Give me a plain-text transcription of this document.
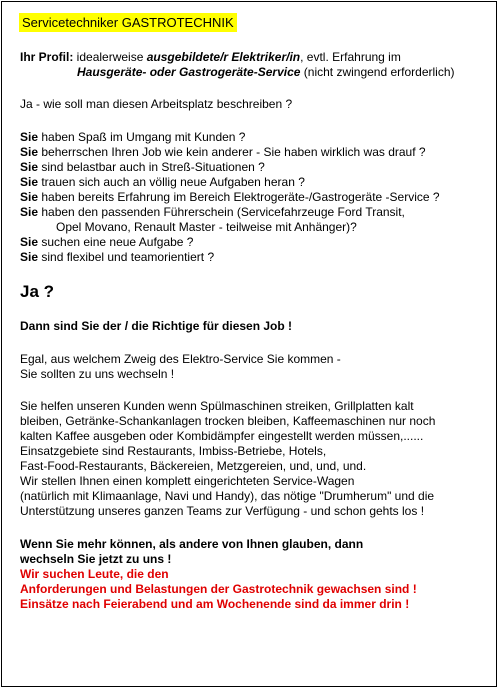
Servicetechniker GASTROTECHNIK
Ihr Profil: idealerweise ausgebildete/r Elektriker/in, evtl. Erfahrung im
Hausgeräte- oder Gastrogeräte-Service (nicht zwingend erforderlich)
Ja - wie soll man diesen Arbeitsplatz beschreiben ?
Sie haben Spaß im Umgang mit Kunden ?
Sie beherrschen Ihren Job wie kein anderer - Sie haben wirklich was drauf ?
Sie sind belastbar auch in Streß-Situationen ?
Sie trauen sich auch an völlig neue Aufgaben heran ?
Sie haben bereits Erfahrung im Bereich Elektrogeräte-/Gastrogeräte -Service ?
Sie haben den passenden Führerschein (Servicefahrzeuge Ford Transit,
Opel Movano, Renault Master - teilweise mit Anhänger)?
Sie suchen eine neue Aufgabe ?
Sie sind flexibel und teamorientiert ?
Ja ?
Dann sind Sie der / die Richtige für diesen Job !
Egal, aus welchem Zweig des Elektro-Service Sie kommen -
Sie sollten zu uns wechseln !
Sie helfen unseren Kunden wenn Spülmaschinen streiken, Grillplatten kalt
bleiben, Getränke-Schankanlagen trocken bleiben, Kaffeemaschinen nur noch
kalten Kaffee ausgeben oder Kombidämpfer eingestellt werden müssen,......
Einsatzgebiete sind Restaurants, Imbiss-Betriebe, Hotels,
Fast-Food-Restaurants, Bäckereien, Metzgereien, und, und, und.
Wir stellen Ihnen einen komplett eingerichteten Service-Wagen
(natürlich mit Klimaanlage, Navi und Handy), das nötige "Drumherum" und die
Unterstützung unseres ganzen Teams zur Verfügung - und schon gehts los !
Wenn Sie mehr können, als andere von Ihnen glauben, dann
wechseln Sie jetzt zu uns !
Wir suchen Leute, die den
Anforderungen und Belastungen der Gastrotechnik gewachsen sind !
Einsätze nach Feierabend und am Wochenende sind da immer drin !
